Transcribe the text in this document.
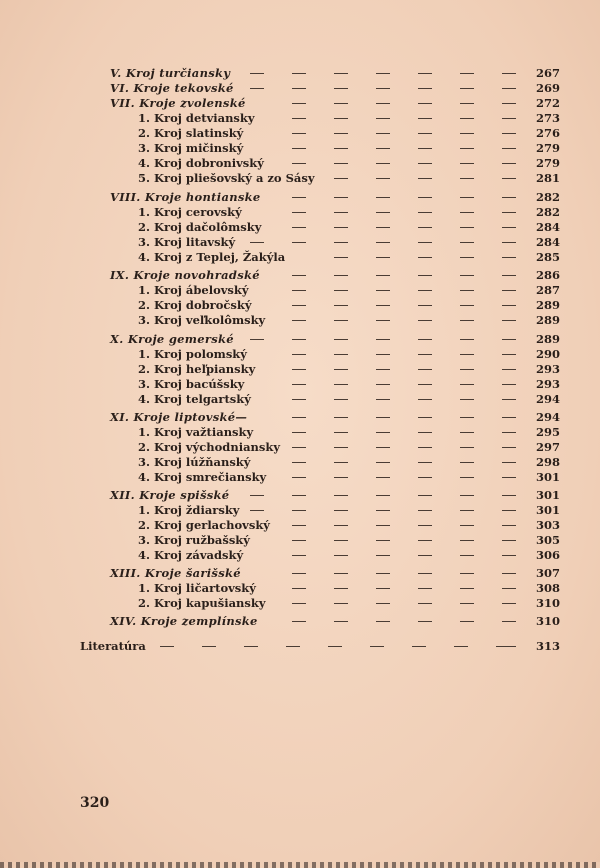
V. Kroj turčiansky	267
VI. Kroje tekovské	269
VII. Kroje zvolenské	272
1. Kroj detviansky	273
2. Kroj slatinský	276
3. Kroj mičinský	279
4. Kroj dobronivský	279
5. Kroj pliešovský a zo Sásy	281
VIII. Kroje hontianske	282
1. Kroj cerovský	282
2. Kroj dačolômsky	284
3. Kroj litavský	284
4. Kroj z Teplej, Žakýla	285
IX. Kroje novohradské	286
1. Kroj ábelovský	287
2. Kroj dobročský	289
3. Kroj veľkolômsky	289
X. Kroje gemerské	289
1. Kroj polomský	290
2. Kroj heľpiansky	293
3. Kroj bacúšsky	293
4. Kroj telgartský	294
XI. Kroje liptovské—	294
1. Kroj važtiansky	295
2. Kroj východniansky	297
3. Kroj lúžňanský	298
4. Kroj smrečiansky	301
XII. Kroje spišské	301
1. Kroj ždiarsky	301
2. Kroj gerlachovský	303
3. Kroj ružbašský	305
4. Kroj závadský	306
XIII. Kroje šarišské	307
1. Kroj ličartovský	308
2. Kroj kapušiansky	310
XIV. Kroje zemplínske	310
Literatúra	313
320
